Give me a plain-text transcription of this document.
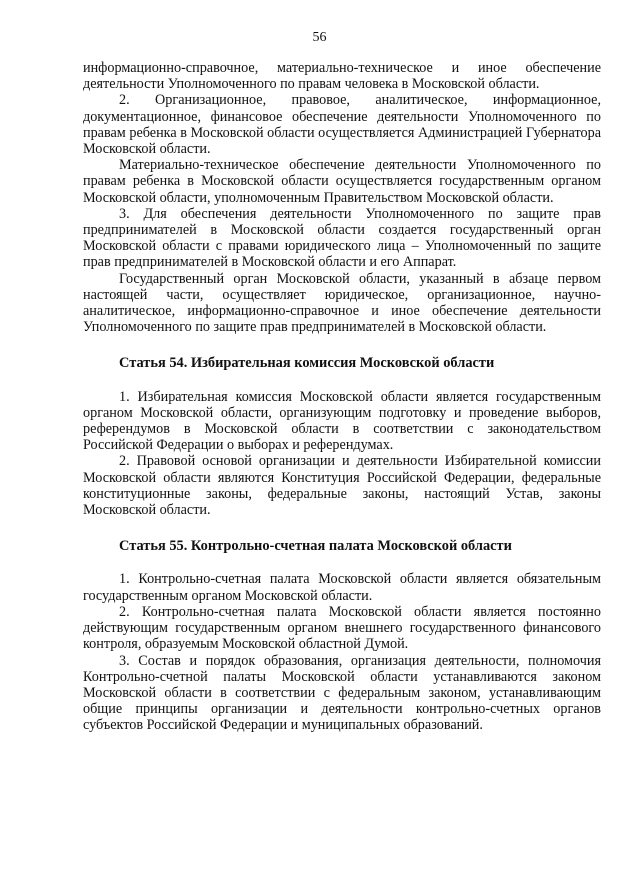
56

информационно-справочное, материально-техническое и иное обеспечение деятельности Уполномоченного по правам человека в Московской области.

2. Организационное, правовое, аналитическое, информационное, документационное, финансовое обеспечение деятельности Уполномоченного по правам ребенка в Московской области осуществляется Администрацией Губернатора Московской области.

Материально-техническое обеспечение деятельности Уполномоченного по правам ребенка в Московской области осуществляется государственным органом Московской области, уполномоченным Правительством Московской области.

3. Для обеспечения деятельности Уполномоченного по защите прав предпринимателей в Московской области создается государственный орган Московской области с правами юридического лица – Уполномоченный по защите прав предпринимателей в Московской области и его Аппарат.

Государственный орган Московской области, указанный в абзаце первом настоящей части, осуществляет юридическое, организационное, научно-аналитическое, информационно-справочное и иное обеспечение деятельности Уполномоченного по защите прав предпринимателей в Московской области.

Статья 54. Избирательная комиссия Московской области

1. Избирательная комиссия Московской области является государственным органом Московской области, организующим подготовку и проведение выборов, референдумов в Московской области в соответствии с законодательством Российской Федерации о выборах и референдумах.

2. Правовой основой организации и деятельности Избирательной комиссии Московской области являются Конституция Российской Федерации, федеральные конституционные законы, федеральные законы, настоящий Устав, законы Московской области.

Статья 55. Контрольно-счетная палата Московской области

1. Контрольно-счетная палата Московской области является обязательным государственным органом Московской области.

2. Контрольно-счетная палата Московской области является постоянно действующим государственным органом внешнего государственного финансового контроля, образуемым Московской областной Думой.

3. Состав и порядок образования, организация деятельности, полномочия Контрольно-счетной палаты Московской области устанавливаются законом Московской области в соответствии с федеральным законом, устанавливающим общие принципы организации и деятельности контрольно-счетных органов субъектов Российской Федерации и муниципальных образований.
